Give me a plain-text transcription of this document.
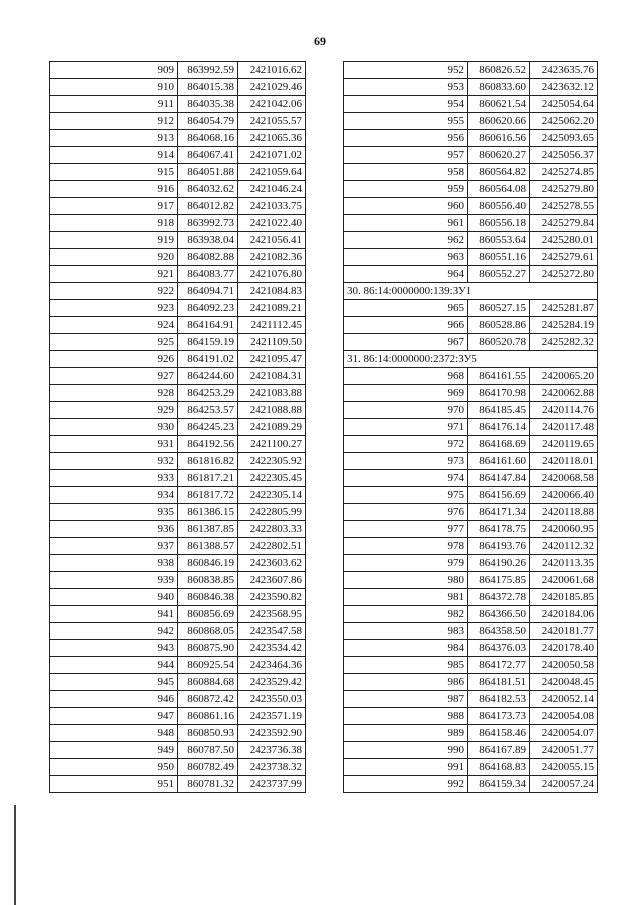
69
909	863992.59	2421016.62
910	864015.38	2421029.46
911	864035.38	2421042.06
912	864054.79	2421055.57
913	864068.16	2421065.36
914	864067.41	2421071.02
915	864051.88	2421059.64
916	864032.62	2421046.24
917	864012.82	2421033.75
918	863992.73	2421022.40
919	863938.04	2421056.41
920	864082.88	2421082.36
921	864083.77	2421076.80
922	864094.71	2421084.83
923	864092.23	2421089.21
924	864164.91	2421112.45
925	864159.19	2421109.50
926	864191.02	2421095.47
927	864244.60	2421084.31
928	864253.29	2421083.88
929	864253.57	2421088.88
930	864245.23	2421089.29
931	864192.56	2421100.27
932	861816.82	2422305.92
933	861817.21	2422305.45
934	861817.72	2422305.14
935	861386.15	2422805.99
936	861387.85	2422803.33
937	861388.57	2422802.51
938	860846.19	2423603.62
939	860838.85	2423607.86
940	860846.38	2423590.82
941	860856.69	2423568.95
942	860868.05	2423547.58
943	860875.90	2423534.42
944	860925.54	2423464.36
945	860884.68	2423529.42
946	860872.42	2423550.03
947	860861.16	2423571.19
948	860850.93	2423592.90
949	860787.50	2423736.38
950	860782.49	2423738.32
951	860781.32	2423737.99
952	860826.52	2423635.76
953	860833.60	2423632.12
954	860621.54	2425054.64
955	860620.66	2425062.20
956	860616.56	2425093.65
957	860620.27	2425056.37
958	860564.82	2425274.85
959	860564.08	2425279.80
960	860556.40	2425278.55
961	860556.18	2425279.84
962	860553.64	2425280.01
963	860551.16	2425279.61
964	860552.27	2425272.80
30. 86:14:0000000:139:ЗУ1		
965	860527.15	2425281.87
966	860528.86	2425284.19
967	860520.78	2425282.32
31. 86:14:0000000:2372:ЗУ5		
968	864161.55	2420065.20
969	864170.98	2420062.88
970	864185.45	2420114.76
971	864176.14	2420117.48
972	864168.69	2420119.65
973	864161.60	2420118.01
974	864147.84	2420068.58
975	864156.69	2420066.40
976	864171.34	2420118.88
977	864178.75	2420060.95
978	864193.76	2420112.32
979	864190.26	2420113.35
980	864175.85	2420061.68
981	864372.78	2420185.85
982	864366.50	2420184.06
983	864358.50	2420181.77
984	864376.03	2420178.40
985	864172.77	2420050.58
986	864181.51	2420048.45
987	864182.53	2420052.14
988	864173.73	2420054.08
989	864158.46	2420054.07
990	864167.89	2420051.77
991	864168.83	2420055.15
992	864159.34	2420057.24
